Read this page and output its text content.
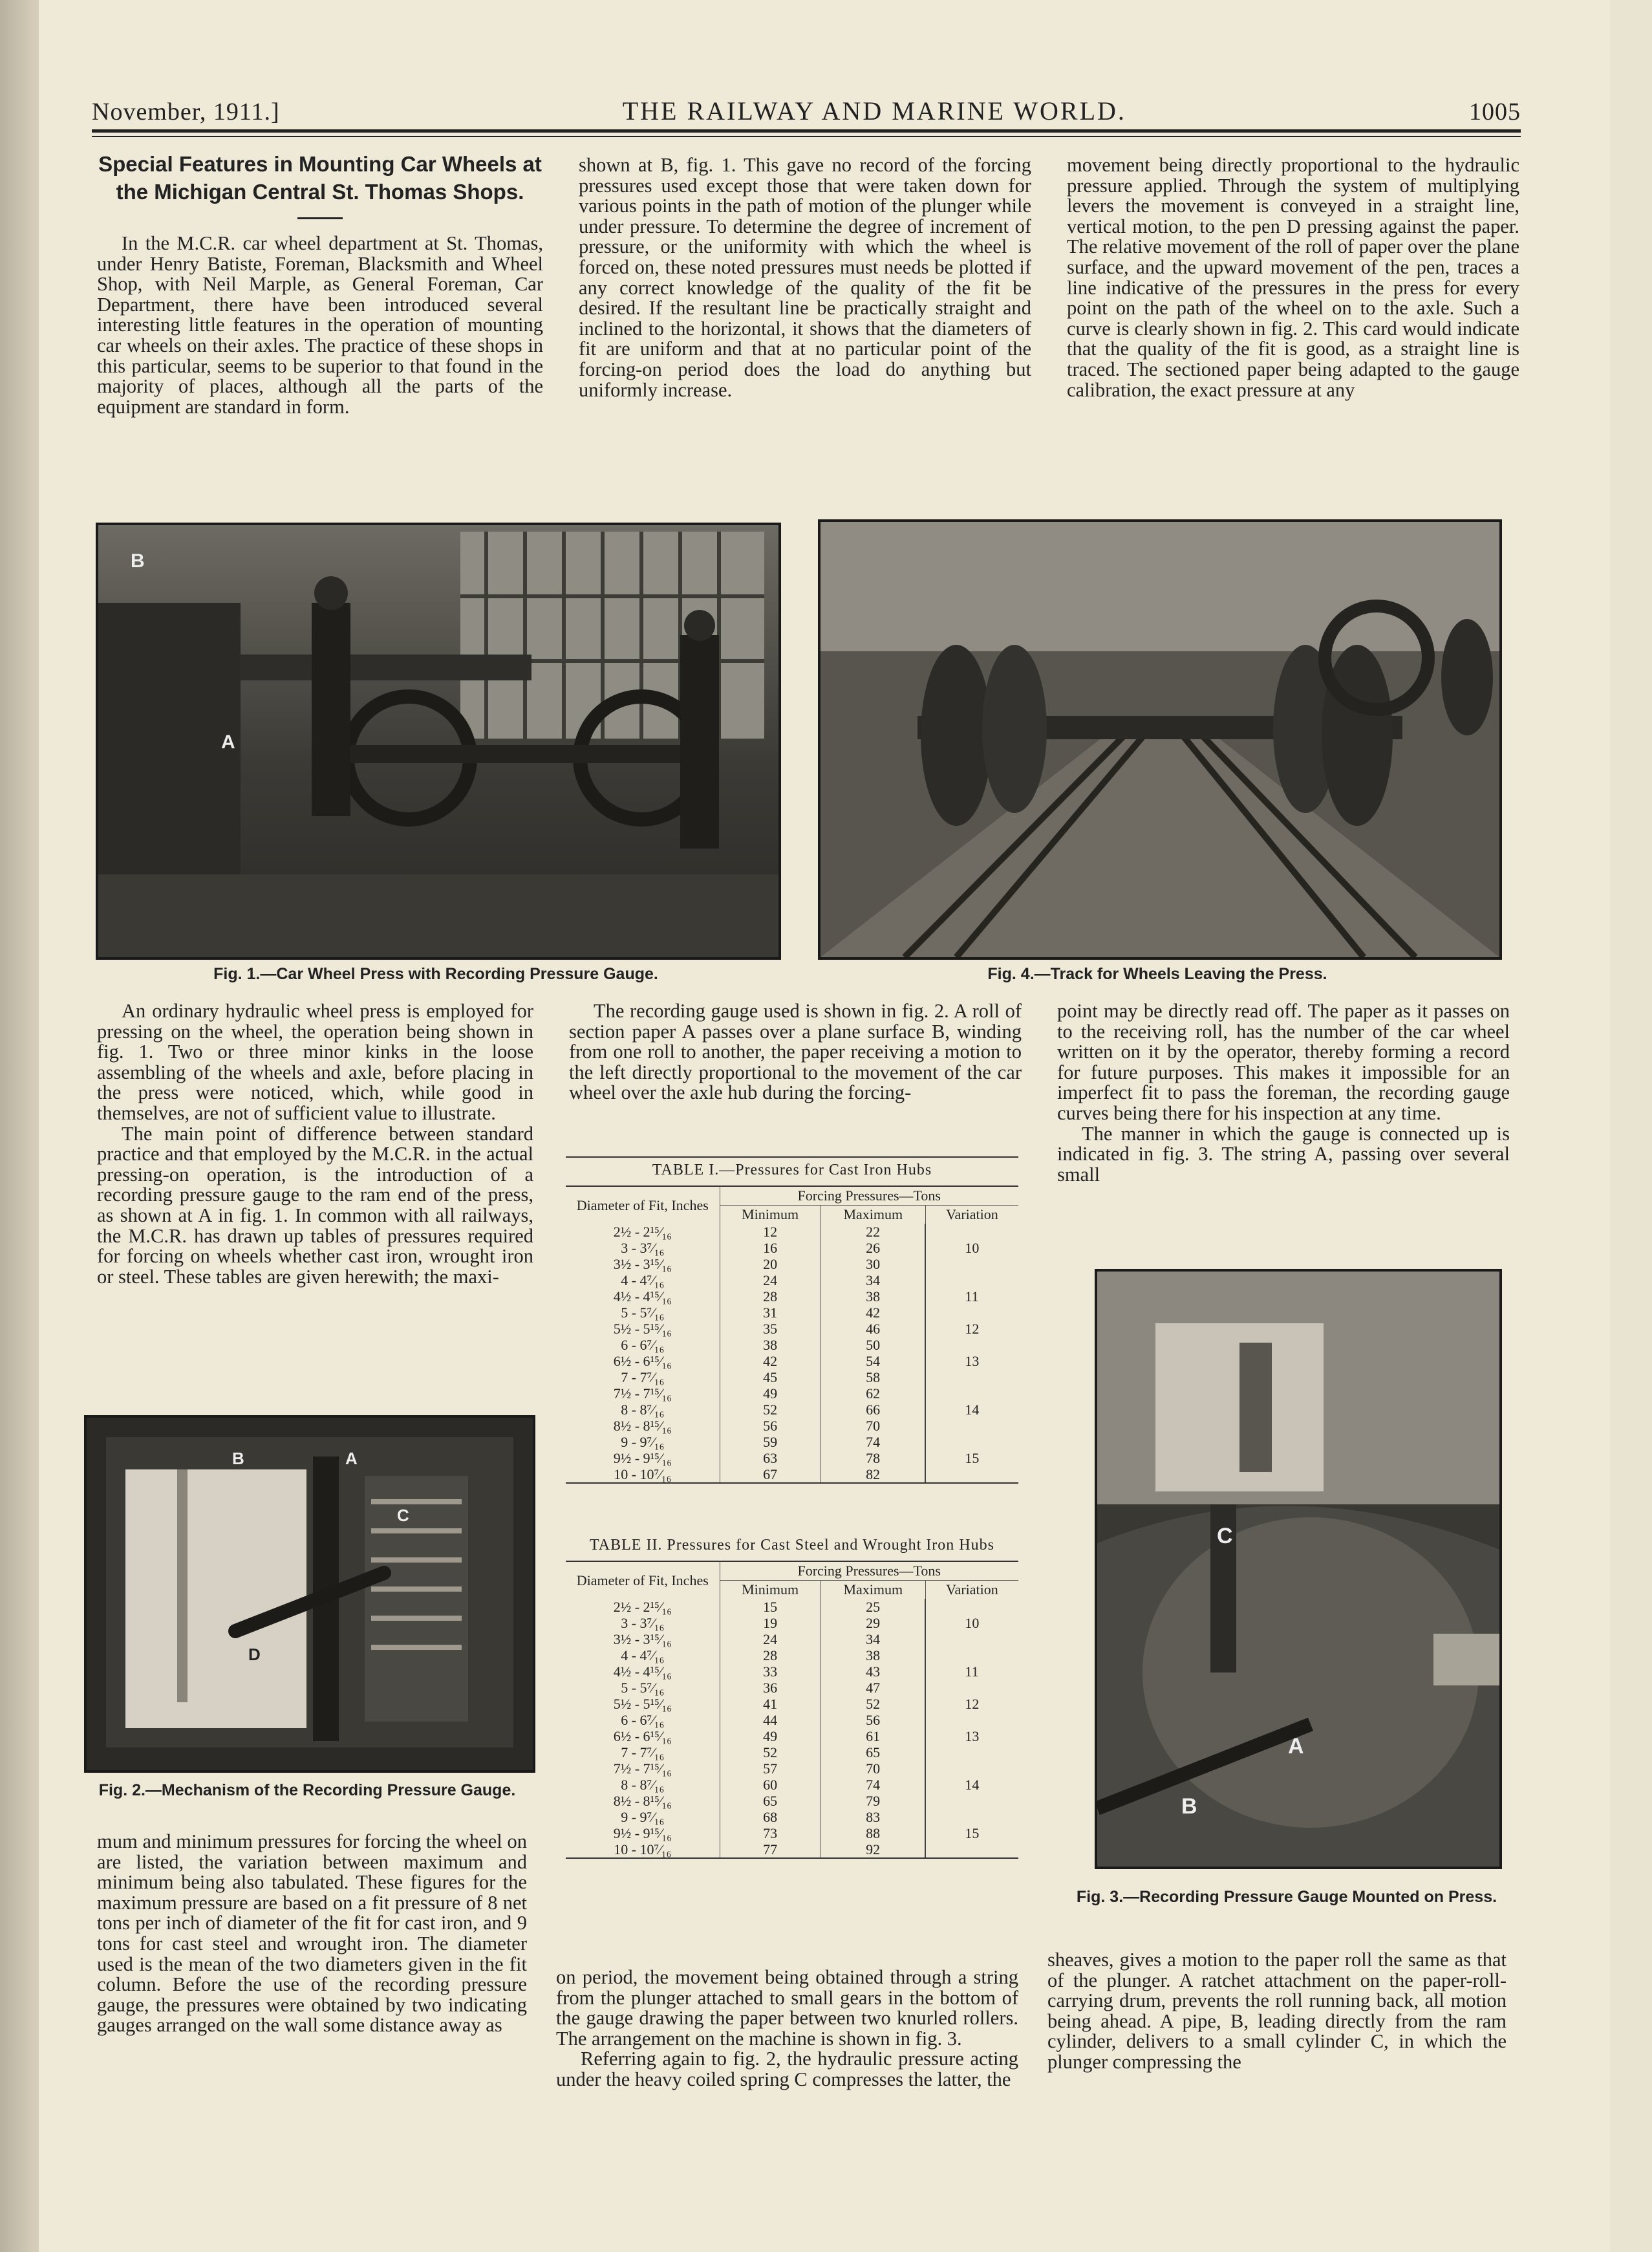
November, 1911.]	THE RAILWAY AND MARINE WORLD.	1005
Special Features in Mounting Car Wheels at the Michigan Central St. Thomas Shops.

In the M.C.R. car wheel department at St. Thomas, under Henry Batiste, Foreman, Blacksmith and Wheel Shop, with Neil Marple, as General Foreman, Car Department, there have been introduced several interesting little features in the operation of mounting car wheels on their axles. The practice of these shops in this particular, seems to be superior to that found in the majority of places, although all the parts of the equipment are standard in form.

shown at B, fig. 1. This gave no record of the forcing pressures used except those that were taken down for various points in the path of motion of the plunger while under pressure. To determine the degree of increment of pressure, or the uniformity with which the wheel is forced on, these noted pressures must needs be plotted if any correct knowledge of the quality of the fit be desired. If the resultant line be practically straight and inclined to the horizontal, it shows that the diameters of fit are uniform and that at no particular point of the forcing-on period does the load do anything but uniformly increase.

movement being directly proportional to the hydraulic pressure applied. Through the system of multiplying levers the movement is conveyed in a straight line, vertical motion, to the pen D pressing against the paper. The relative movement of the roll of paper over the plane surface, and the upward movement of the pen, traces a line indicative of the pressures in the press for every point on the path of the wheel on to the axle. Such a curve is clearly shown in fig. 2. This card would indicate that the quality of the fit is good, as a straight line is traced. The sectioned paper being adapted to the gauge calibration, the exact pressure at any

B
A
Fig. 1.—Car Wheel Press with Recording Pressure Gauge.	Fig. 4.—Track for Wheels Leaving the Press.

An ordinary hydraulic wheel press is employed for pressing on the wheel, the operation being shown in fig. 1. Two or three minor kinks in the loose assembling of the wheels and axle, before placing in the press were noticed, which, while good in themselves, are not of sufficient value to illustrate.

The main point of difference between standard practice and that employed by the M.C.R. in the actual pressing-on operation, is the introduction of a recording pressure gauge to the ram end of the press, as shown at A in fig. 1. In common with all railways, the M.C.R. has drawn up tables of pressures required for forcing on wheels whether cast iron, wrought iron or steel. These tables are given herewith; the maxi-

The recording gauge used is shown in fig. 2. A roll of section paper A passes over a plane surface B, winding from one roll to another, the paper receiving a motion to the left directly proportional to the movement of the car wheel over the axle hub during the forcing-

TABLE I.—Pressures for Cast Iron Hubs
Diameter of Fit, Inches	Forcing Pressures—Tons		
	Minimum	Maximum	Variation
2½ - 2¹⁵⁄₁₆	12	22	
3 - 3⁷⁄₁₆	16	26	10
3½ - 3¹⁵⁄₁₆	20	30	
4 - 4⁷⁄₁₆	24	34	
4½ - 4¹⁵⁄₁₆	28	38	11
5 - 5⁷⁄₁₆	31	42	
5½ - 5¹⁵⁄₁₆	35	46	12
6 - 6⁷⁄₁₆	38	50	
6½ - 6¹⁵⁄₁₆	42	54	13
7 - 7⁷⁄₁₆	45	58	
7½ - 7¹⁵⁄₁₆	49	62	
8 - 8⁷⁄₁₆	52	66	14
8½ - 8¹⁵⁄₁₆	56	70	
9 - 9⁷⁄₁₆	59	74	
9½ - 9¹⁵⁄₁₆	63	78	15
10 - 10⁷⁄₁₆	67	82	
TABLE II. Pressures for Cast Steel and Wrought Iron Hubs
Diameter of Fit, Inches	Forcing Pressures—Tons		
	Minimum	Maximum	Variation
2½ - 2¹⁵⁄₁₆	15	25	
3 - 3⁷⁄₁₆	19	29	10
3½ - 3¹⁵⁄₁₆	24	34	
4 - 4⁷⁄₁₆	28	38	
4½ - 4¹⁵⁄₁₆	33	43	11
5 - 5⁷⁄₁₆	36	47	
5½ - 5¹⁵⁄₁₆	41	52	12
6 - 6⁷⁄₁₆	44	56	
6½ - 6¹⁵⁄₁₆	49	61	13
7 - 7⁷⁄₁₆	52	65	
7½ - 7¹⁵⁄₁₆	57	70	
8 - 8⁷⁄₁₆	60	74	14
8½ - 8¹⁵⁄₁₆	65	79	
9 - 9⁷⁄₁₆	68	83	
9½ - 9¹⁵⁄₁₆	73	88	15
10 - 10⁷⁄₁₆	77	92	

point may be directly read off. The paper as it passes on to the receiving roll, has the number of the car wheel written on it by the operator, thereby forming a record for future purposes. This makes it impossible for an imperfect fit to pass the foreman, the recording gauge curves being there for his inspection at any time.

The manner in which the gauge is connected up is indicated in fig. 3. The string A, passing over several small

B	A
C
D
Fig. 2.—Mechanism of the Recording Pressure Gauge.

mum and minimum pressures for forcing the wheel on are listed, the variation between maximum and minimum being also tabulated. These figures for the maximum pressure are based on a fit pressure of 8 net tons per inch of diameter of the fit for cast iron, and 9 tons for cast steel and wrought iron. The diameter used is the mean of the two diameters given in the fit column. Before the use of the recording pressure gauge, the pressures were obtained by two indicating gauges arranged on the wall some distance away as

on period, the movement being obtained through a string from the plunger attached to small gears in the bottom of the gauge drawing the paper between two knurled rollers. The arrangement on the machine is shown in fig. 3.

Referring again to fig. 2, the hydraulic pressure acting under the heavy coiled spring C compresses the latter, the

C
A
B
Fig. 3.—Recording Pressure Gauge Mounted on Press.

sheaves, gives a motion to the paper roll the same as that of the plunger. A ratchet attachment on the paper-roll-carrying drum, prevents the roll running back, all motion being ahead. A pipe, B, leading directly from the ram cylinder, delivers to a small cylinder C, in which the plunger compressing the
